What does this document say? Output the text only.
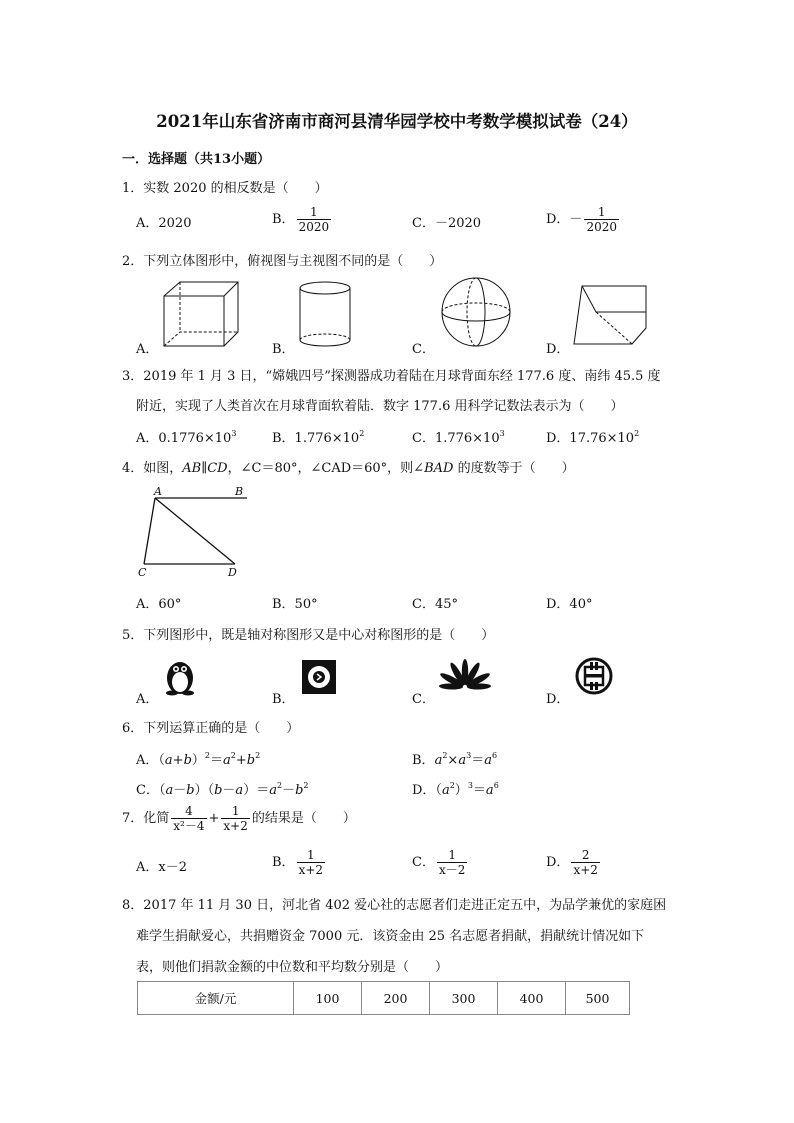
2021年山东省济南市商河县清华园学校中考数学模拟试卷（24）
一．选择题（共13小题）
1．实数 2020 的相反数是（　　）
A．2020	B． $\frac{1}{2020}$	C．－2020	D．－ $\frac{1}{2020}$
2．下列立体图形中，俯视图与主视图不同的是（　　）
A．	B．	C．	D．
3．2019 年 1 月 3 日，“嫦娥四号”探测器成功着陆在月球背面东经 177.6 度、南纬 45.5 度
附近，实现了人类首次在月球背面软着陆．数字 177.6 用科学记数法表示为（　　）
A．$0.1776\times 10^3$	B．$1.776\times 10^2$	C．$1.776\times 10^3$	D．$17.76\times 10^2$
4．如图，AB∥CD，∠C＝80°，∠CAD＝60°，则∠BAD 的度数等于（　　）
A	B
C	D
A．60°	B．50°	C．45°	D．40°
5．下列图形中，既是轴对称图形又是中心对称图形的是（　　）
A．	B．	C．	D．
6．下列运算正确的是（　　）
A．$(a+b)^2=a^2+b^2$	B．$a^2\times a^3=a^6$
C．$(a-b)(b-a)=a^2-b^2$	D．$(a^2)^3=a^6$
7．化简 $\frac{4}{\text{x²－4}} + \frac{1}{x+2}$ 的结果是（　　）
A．x－2	B． $\frac{1}{x+2}$	C． $\frac{1}{x-2}$	D． $\frac{2}{x+2}$
8．2017 年 11 月 30 日，河北省 402 爱心社的志愿者们走进正定五中，为品学兼优的家庭困
难学生捐献爱心，共捐赠资金 7000 元．该资金由 25 名志愿者捐献，捐献统计情况如下
表，则他们捐款金额的中位数和平均数分别是（　　）
金额/元	100	200	300	400	500
